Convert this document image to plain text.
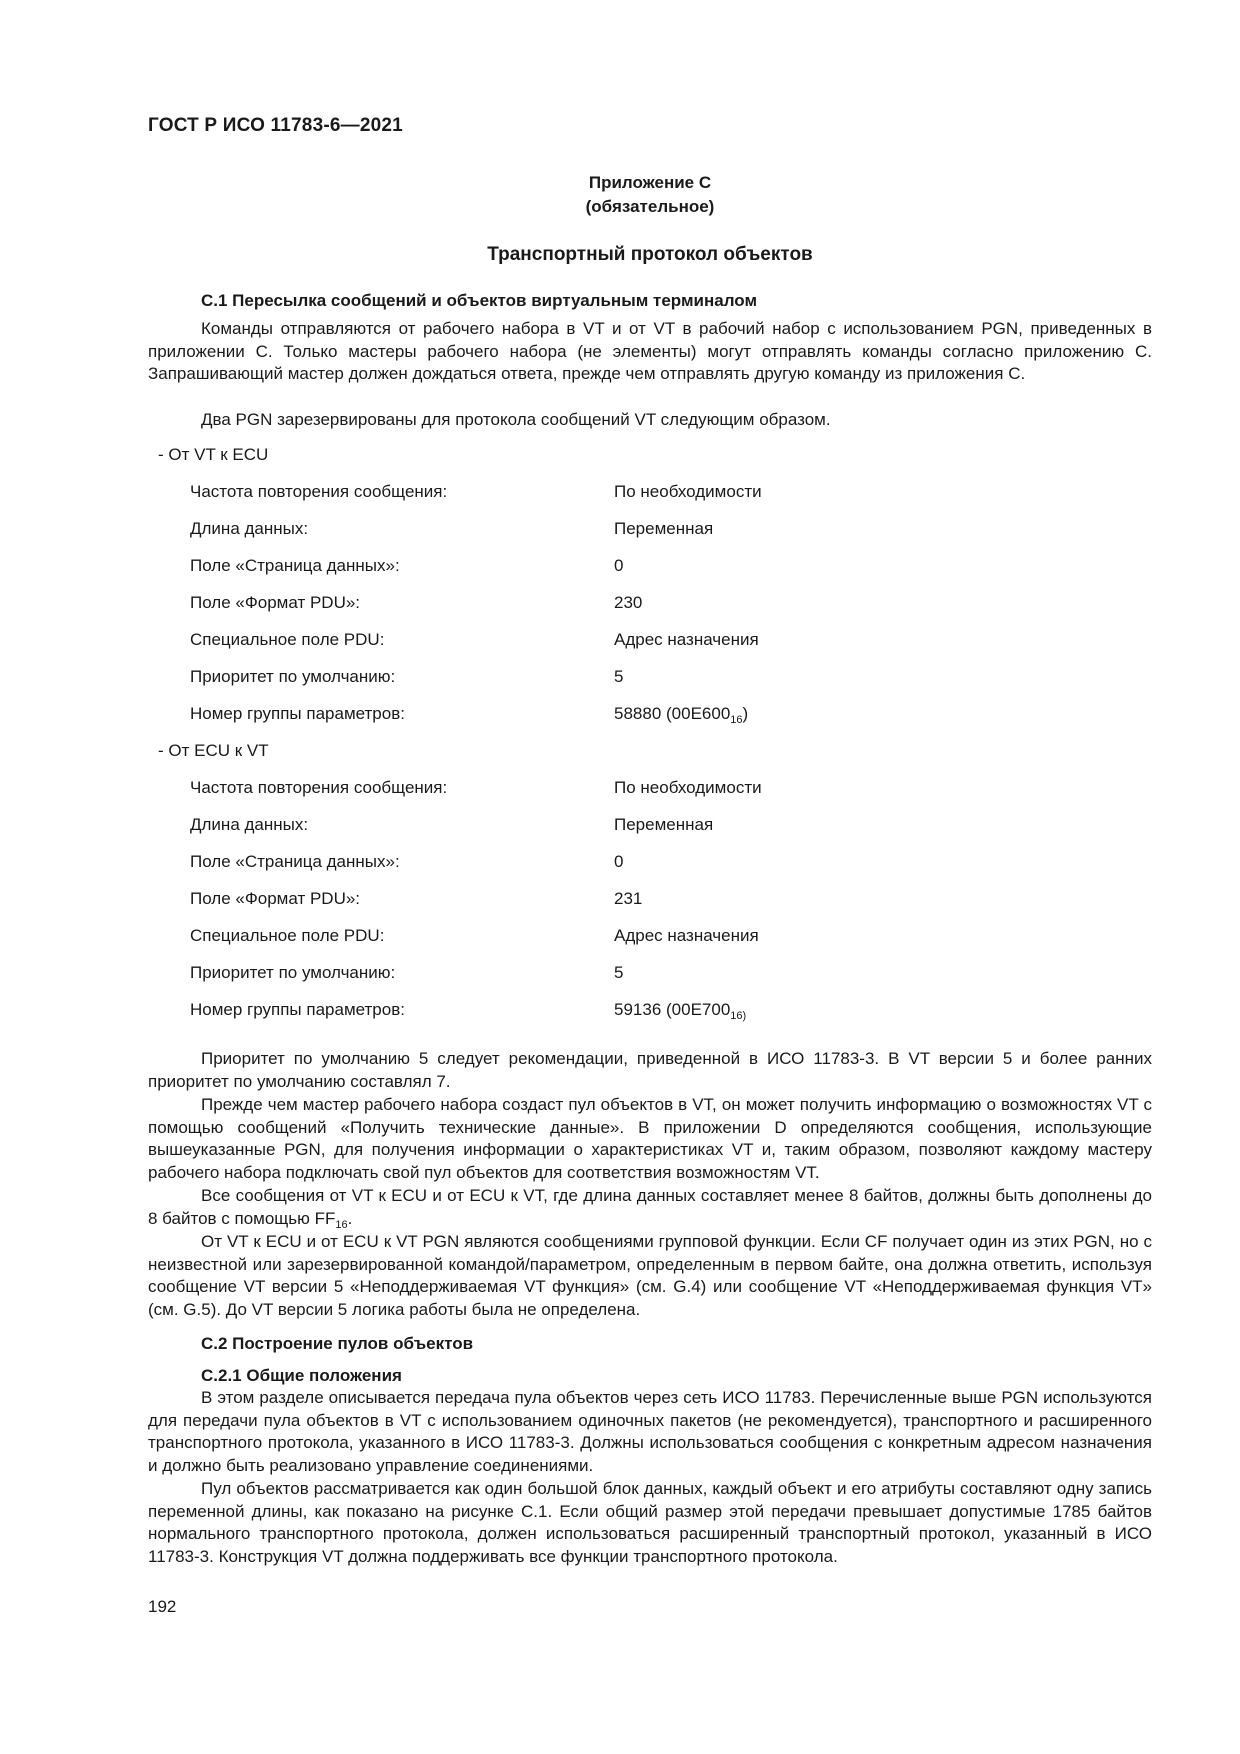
ГОСТ Р ИСО 11783-6—2021
Приложение С
(обязательное)
Транспортный протокол объектов
С.1 Пересылка сообщений и объектов виртуальным терминалом

Команды отправляются от рабочего набора в VT и от VT в рабочий набор с использованием PGN, приведенных в приложении С. Только мастеры рабочего набора (не элементы) могут отправлять команды согласно приложению С. Запрашивающий мастер должен дождаться ответа, прежде чем отправлять другую команду из приложения С.

Два PGN зарезервированы для протокола сообщений VT следующим образом.

- От VT к ECU
Частота повторения сообщения:	По необходимости
Длина данных:	Переменная
Поле «Страница данных»:	0
Поле «Формат PDU»:	230
Специальное поле PDU:	Адрес назначения
Приоритет по умолчанию:	5
Номер группы параметров:	58880 $(00E600_{16})$
- От ECU к VT
Частота повторения сообщения:	По необходимости
Длина данных:	Переменная
Поле «Страница данных»:	0
Поле «Формат PDU»:	231
Специальное поле PDU:	Адрес назначения
Приоритет по умолчанию:	5
Номер группы параметров:	59136 ($00E700_{16)}$

Приоритет по умолчанию 5 следует рекомендации, приведенной в ИСО 11783-3. В VT версии 5 и более ранних приоритет по умолчанию составлял 7.

Прежде чем мастер рабочего набора создаст пул объектов в VT, он может получить информацию о возможностях VT с помощью сообщений «Получить технические данные». В приложении D определяются сообщения, использующие вышеуказанные PGN, для получения информации о характеристиках VT и, таким образом, позволяют каждому мастеру рабочего набора подключать свой пул объектов для соответствия возможностям VT.

Все сообщения от VT к ECU и от ECU к VT, где длина данных составляет менее 8 байтов, должны быть дополнены до 8 байтов с помощью $FF_{16}$.

От VT к ECU и от ECU к VT PGN являются сообщениями групповой функции. Если CF получает один из этих PGN, но с неизвестной или зарезервированной командой/параметром, определенным в первом байте, она должна ответить, используя сообщение VT версии 5 «Неподдерживаемая VT функция» (см. G.4) или сообщение VT «Неподдерживаемая функция VT» (см. G.5). До VT версии 5 логика работы была не определена.

С.2 Построение пулов объектов
С.2.1 Общие положения

В этом разделе описывается передача пула объектов через сеть ИСО 11783. Перечисленные выше PGN используются для передачи пула объектов в VT с использованием одиночных пакетов (не рекомендуется), транспортного и расширенного транспортного протокола, указанного в ИСО 11783-3. Должны использоваться сообщения с конкретным адресом назначения и должно быть реализовано управление соединениями.

Пул объектов рассматривается как один большой блок данных, каждый объект и его атрибуты составляют одну запись переменной длины, как показано на рисунке С.1. Если общий размер этой передачи превышает допустимые 1785 байтов нормального транспортного протокола, должен использоваться расширенный транспортный протокол, указанный в ИСО 11783-3. Конструкция VT должна поддерживать все функции транспортного протокола.

192
